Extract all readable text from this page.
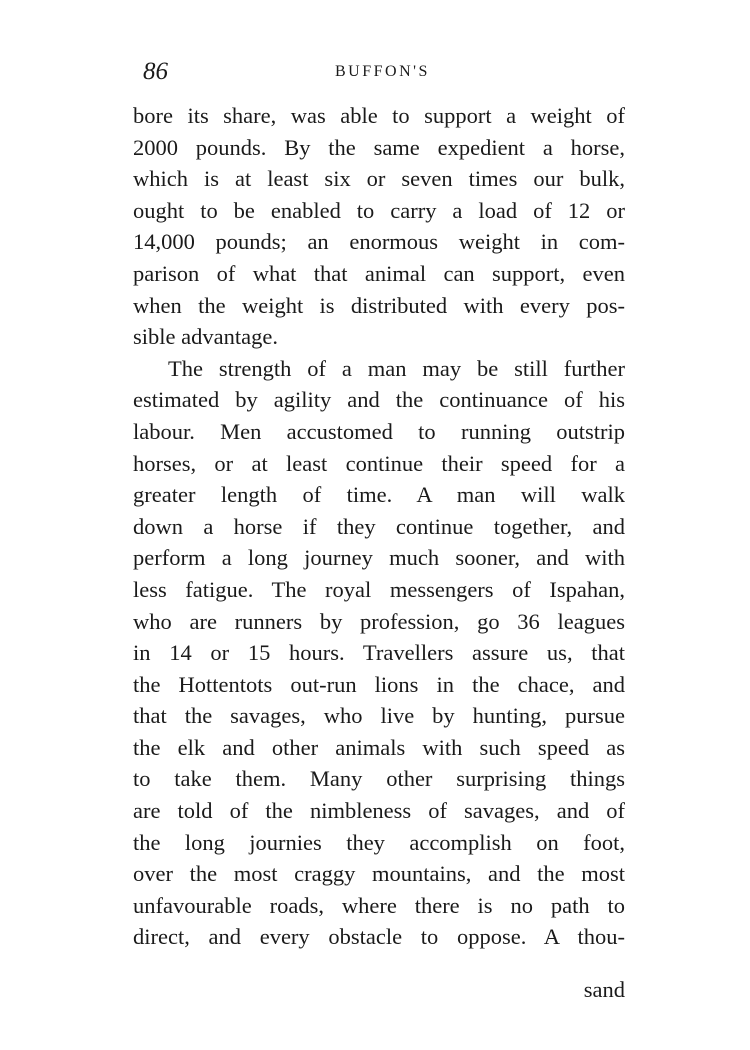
86	BUFFON'S
bore its share, was able to support a weight of
2000 pounds. By the same expedient a horse,
which is at least six or seven times our bulk,
ought to be enabled to carry a load of 12 or
14,000 pounds; an enormous weight in com-
parison of what that animal can support, even
when the weight is distributed with every pos-
sible advantage.
The strength of a man may be still further
estimated by agility and the continuance of his
labour. Men accustomed to running outstrip
horses, or at least continue their speed for a
greater length of time. A man will walk
down a horse if they continue together, and
perform a long journey much sooner, and with
less fatigue. The royal messengers of Ispahan,
who are runners by profession, go 36 leagues
in 14 or 15 hours. Travellers assure us, that
the Hottentots out-run lions in the chace, and
that the savages, who live by hunting, pursue
the elk and other animals with such speed as
to take them. Many other surprising things
are told of the nimbleness of savages, and of
the long journies they accomplish on foot,
over the most craggy mountains, and the most
unfavourable roads, where there is no path to
direct, and every obstacle to oppose. A thou-
sand
